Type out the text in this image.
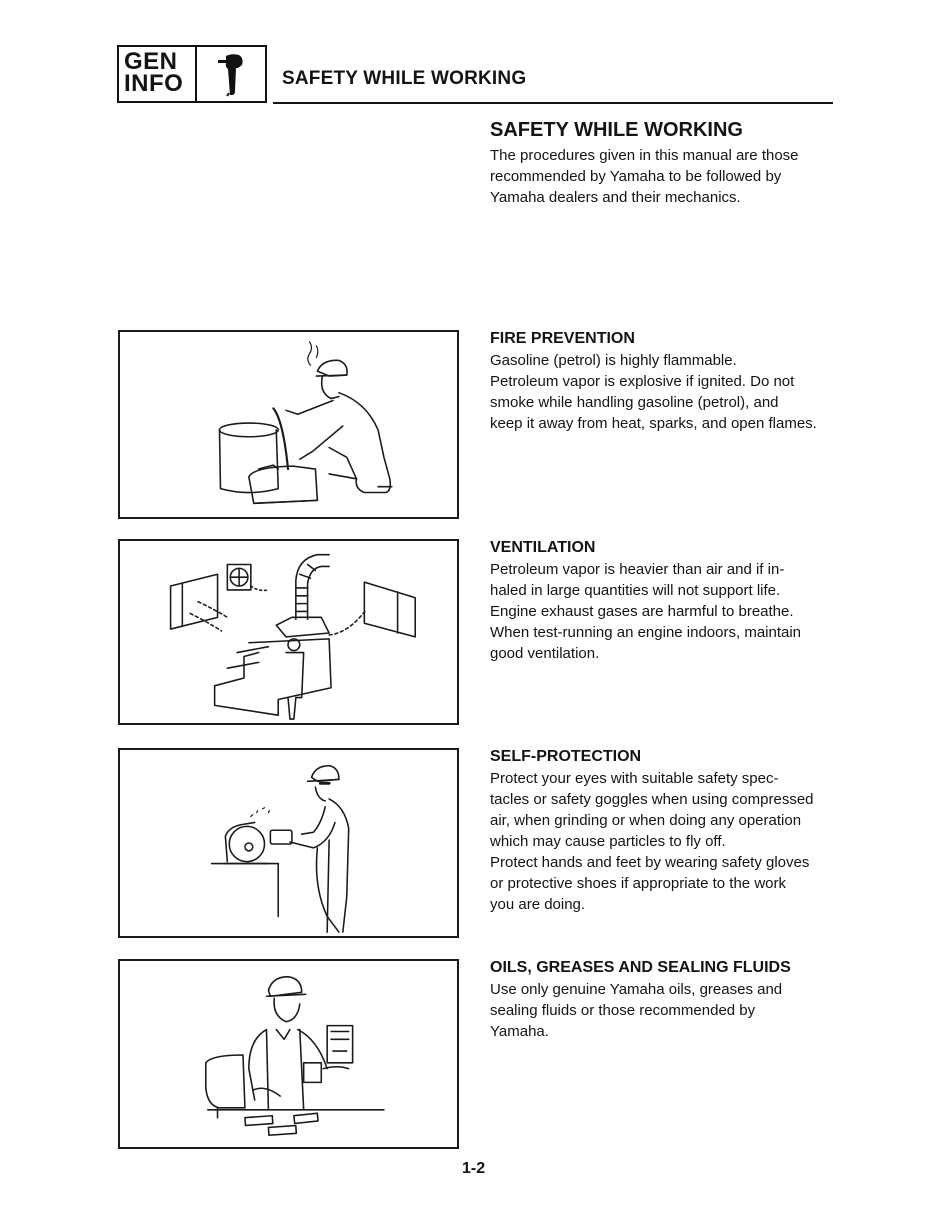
GEN
INFO	SAFETY WHILE WORKING
SAFETY WHILE WORKING

The procedures given in this manual are those
recommended by Yamaha to be followed by
Yamaha dealers and their mechanics.

FIRE PREVENTION

Gasoline (petrol) is highly flammable.
Petroleum vapor is explosive if ignited. Do not
smoke while handling gasoline (petrol), and
keep it away from heat, sparks, and open flames.

VENTILATION

Petroleum vapor is heavier than air and if in-
haled in large quantities will not support life.
Engine exhaust gases are harmful to breathe.
When test-running an engine indoors, maintain
good ventilation.

SELF-PROTECTION

Protect your eyes with suitable safety spec-
tacles or safety goggles when using compressed
air, when grinding or when doing any operation
which may cause particles to fly off.
Protect hands and feet by wearing safety gloves
or protective shoes if appropriate to the work
you are doing.

OILS, GREASES AND SEALING FLUIDS

Use only genuine Yamaha oils, greases and
sealing fluids or those recommended by
Yamaha.

1-2
